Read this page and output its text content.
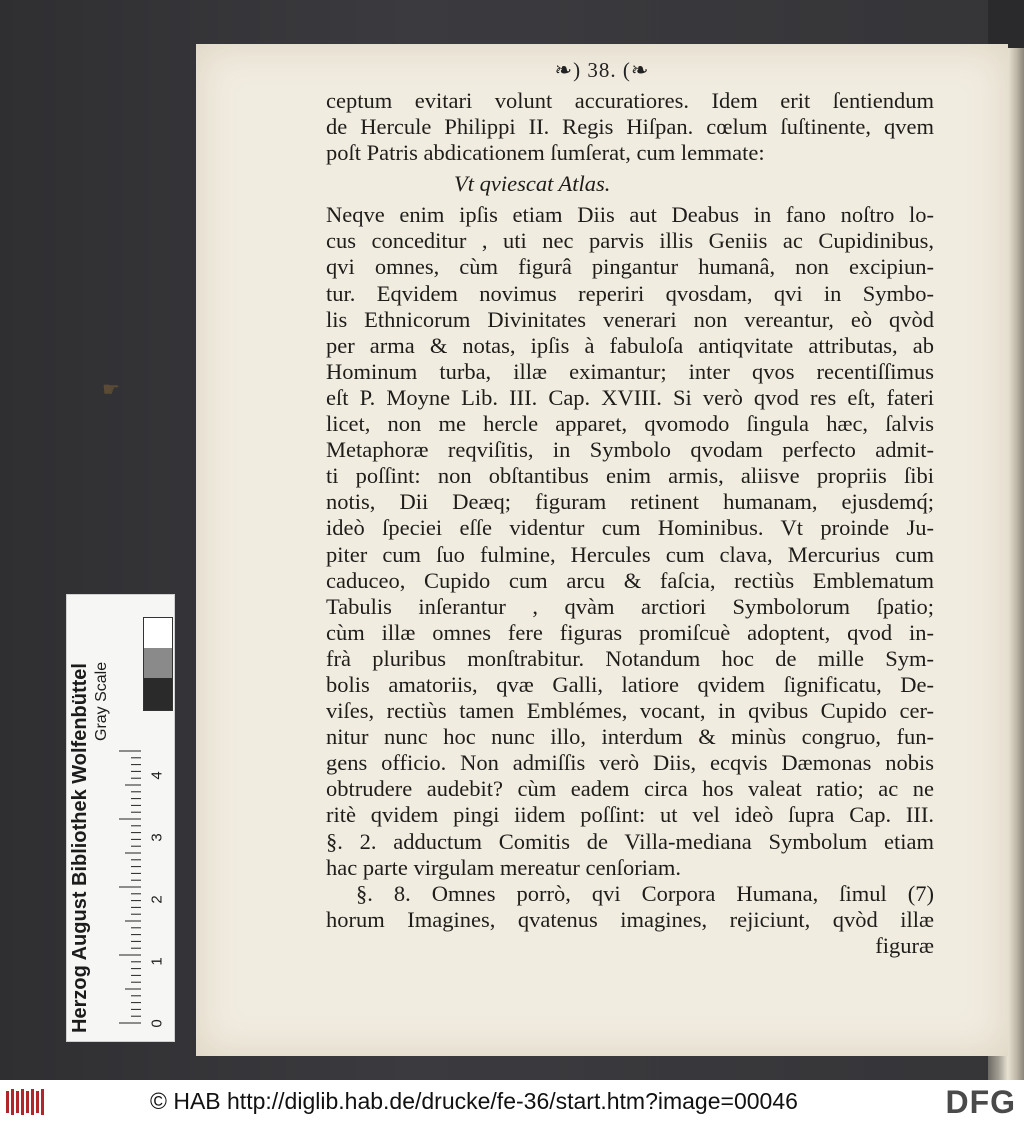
❧) 38. (❧
ceptum evitari volunt accuratiores. Idem erit ſentiendum
de Hercule Philippi II. Regis Hiſpan. cœlum ſuſtinente, qvem
poſt Patris abdicationem ſumſerat, cum lemmate:
Vt qviescat Atlas.
Neqve enim ipſis etiam Diis aut Deabus in fano noſtro lo-
cus conceditur , uti nec parvis illis Geniis ac Cupidinibus,
qvi omnes, cùm figurâ pingantur humanâ, non excipiun-
tur. Eqvidem novimus reperiri qvosdam, qvi in Symbo-
lis Ethnicorum Divinitates venerari non vereantur, eò qvòd
per arma & notas, ipſis à fabuloſa antiqvitate attributas, ab
Hominum turba, illæ eximantur; inter qvos recentiſſimus
eſt P. Moyne Lib. III. Cap. XVIII. Si verò qvod res eſt, fateri
licet, non me hercle apparet, qvomodo ſingula hæc, ſalvis
Metaphoræ reqviſitis, in Symbolo qvodam perfecto admit-
ti poſſint: non obſtantibus enim armis, aliisve propriis ſibi
notis, Dii Deæq; figuram retinent humanam, ejusdemq́;
ideò ſpeciei eſſe videntur cum Hominibus. Vt proinde Ju-
piter cum ſuo fulmine, Hercules cum clava, Mercurius cum
caduceo, Cupido cum arcu & faſcia, rectiùs Emblematum
Tabulis inſerantur , qvàm arctiori Symbolorum ſpatio;
cùm illæ omnes fere figuras promiſcuè adoptent, qvod in-
frà pluribus monſtrabitur. Notandum hoc de mille Sym-
bolis amatoriis, qvæ Galli, latiore qvidem ſignificatu, De-
viſes, rectiùs tamen Emblémes, vocant, in qvibus Cupido cer-
nitur nunc hoc nunc illo, interdum & minùs congruo, fun-
gens officio. Non admiſſis verò Diis, ecqvis Dæmonas nobis
obtrudere audebit? cùm eadem circa hos valeat ratio; ac ne
ritè qvidem pingi iidem poſſint: ut vel ideò ſupra Cap. III.
§. 2. adductum Comitis de Villa-mediana Symbolum etiam
hac parte virgulam mereatur cenſoriam.
§. 8. Omnes porrò, qvi Corpora Humana, ſimul (7)
horum Imagines, qvatenus imagines, rejiciunt, qvòd illæ
figuræ
☛
Gray Scale
0
1
2
3
4
Herzog August Bibliothek Wolfenbüttel
© HAB http://diglib.hab.de/drucke/fe-36/start.htm?image=00046	DFG
